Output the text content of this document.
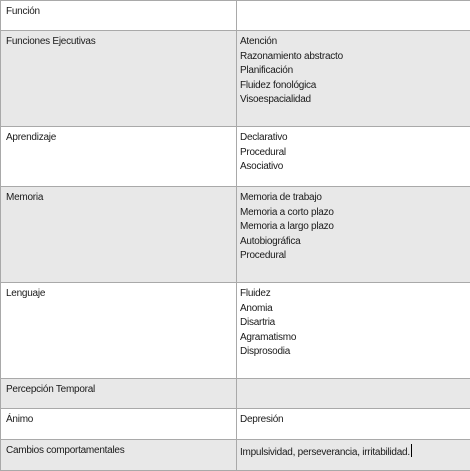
Función	
Funciones Ejecutivas	Atención
Razonamiento abstracto
Planificación
Fluidez fonológica
Visoespacialidad

Aprendizaje	Declarativo
Procedural
Asociativo

Memoria	Memoria de trabajo
Memoria a corto plazo
Memoria a largo plazo
Autobiográfica
Procedural

Lenguaje	Fluidez
Anomia
Disartria
Agramatismo
Disprosodia

Percepción Temporal	
Ánimo	Depresión

Cambios comportamentales	Impulsividad, perseverancia, irritabilidad.
